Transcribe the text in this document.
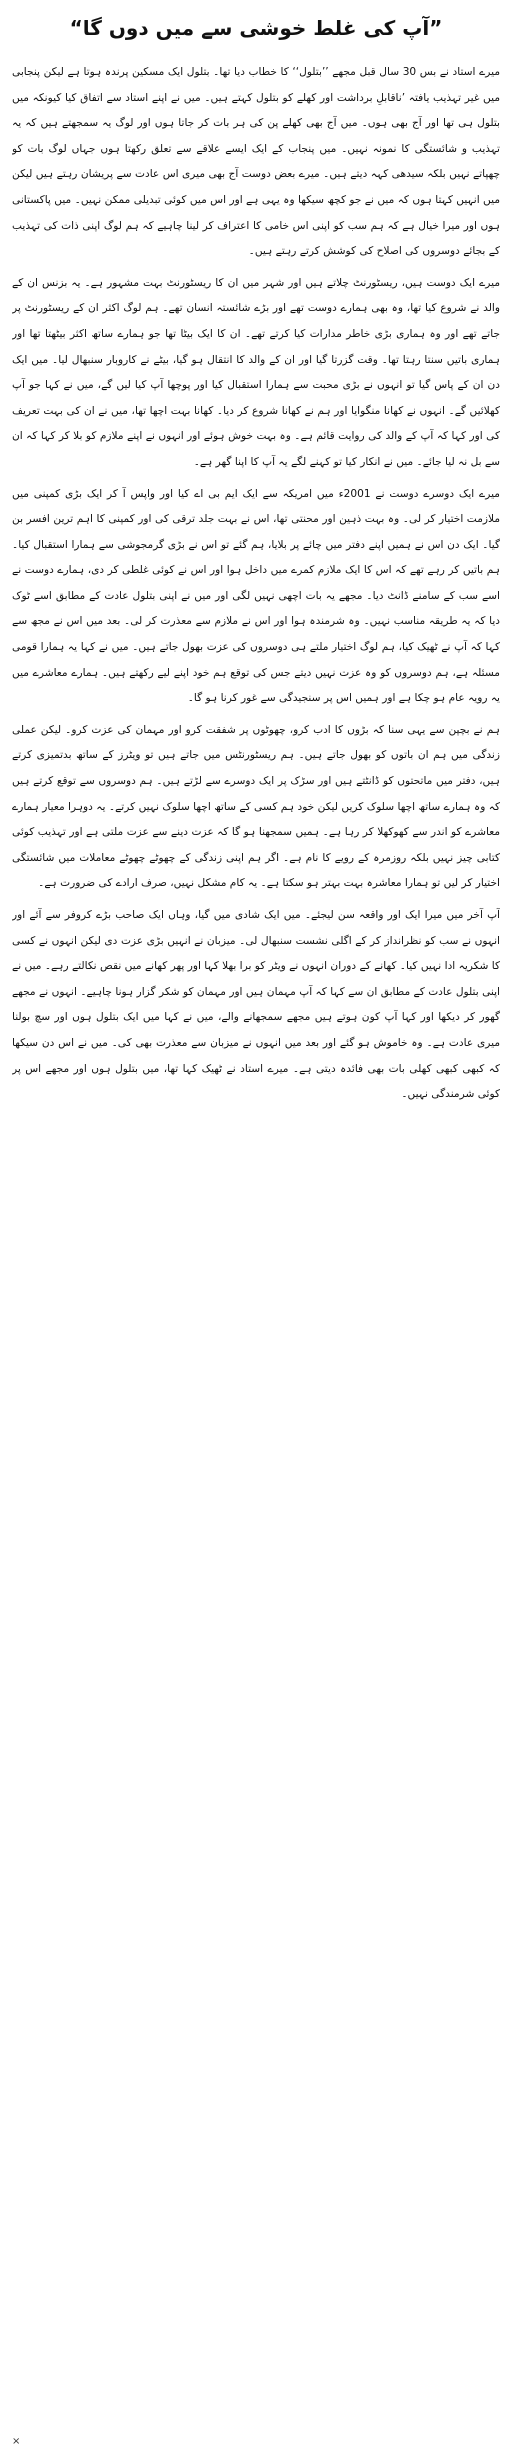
”آپ کی غلط خوشی سے میں دوں گا“

میرے استاد نے بس 30 سال قبل مجھے ’’بتلول‘‘ کا خطاب دیا تھا۔ بتلول ایک مسکین پرندہ ہوتا ہے لیکن پنجابی میں غیر تہذیب یافتہ ’ناقابلِ برداشت اور کھلے کو بتلول کہتے ہیں۔ میں نے اپنے استاد سے اتفاق کیا کیونکہ میں بتلول ہی تھا اور آج بھی ہوں۔ میں آج بھی کھلے پن کی ہر بات کر جاتا ہوں اور لوگ یہ سمجھتے ہیں کہ یہ تہذیب و شائستگی کا نمونہ نہیں۔ میں پنجاب کے ایک ایسے علاقے سے تعلق رکھتا ہوں جہاں لوگ بات کو چھپاتے نہیں بلکہ سیدھی کہہ دیتے ہیں۔ میرے بعض دوست آج بھی میری اس عادت سے پریشان رہتے ہیں لیکن میں انہیں کہتا ہوں کہ میں نے جو کچھ سیکھا وہ یہی ہے اور اس میں کوئی تبدیلی ممکن نہیں۔ میں پاکستانی ہوں اور میرا خیال ہے کہ ہم سب کو اپنی اس خامی کا اعتراف کر لینا چاہیے کہ ہم لوگ اپنی ذات کی تہذیب کے بجائے دوسروں کی اصلاح کی کوشش کرتے رہتے ہیں۔

میرے ایک دوست ہیں، ریسٹورنٹ چلاتے ہیں اور شہر میں ان کا ریسٹورنٹ بہت مشہور ہے۔ یہ بزنس ان کے والد نے شروع کیا تھا، وہ بھی ہمارے دوست تھے اور بڑے شائستہ انسان تھے۔ ہم لوگ اکثر ان کے ریسٹورنٹ پر جاتے تھے اور وہ ہماری بڑی خاطر مدارات کیا کرتے تھے۔ ان کا ایک بیٹا تھا جو ہمارے ساتھ اکثر بیٹھتا تھا اور ہماری باتیں سنتا رہتا تھا۔ وقت گزرتا گیا اور ان کے والد کا انتقال ہو گیا، بیٹے نے کاروبار سنبھال لیا۔ میں ایک دن ان کے پاس گیا تو انہوں نے بڑی محبت سے ہمارا استقبال کیا اور پوچھا آپ کیا لیں گے، میں نے کہا جو آپ کھلائیں گے۔ انہوں نے کھانا منگوایا اور ہم نے کھانا شروع کر دیا۔ کھانا بہت اچھا تھا، میں نے ان کی بہت تعریف کی اور کہا کہ آپ کے والد کی روایت قائم ہے۔ وہ بہت خوش ہوئے اور انہوں نے اپنے ملازم کو بلا کر کہا کہ ان سے بل نہ لیا جائے۔ میں نے انکار کیا تو کہنے لگے یہ آپ کا اپنا گھر ہے۔

میرے ایک دوسرے دوست نے 2001ء میں امریکہ سے ایک ایم بی اے کیا اور واپس آ کر ایک بڑی کمپنی میں ملازمت اختیار کر لی۔ وہ بہت ذہین اور محنتی تھا، اس نے بہت جلد ترقی کی اور کمپنی کا اہم ترین افسر بن گیا۔ ایک دن اس نے ہمیں اپنے دفتر میں چائے پر بلایا، ہم گئے تو اس نے بڑی گرمجوشی سے ہمارا استقبال کیا۔ ہم باتیں کر رہے تھے کہ اس کا ایک ملازم کمرے میں داخل ہوا اور اس نے کوئی غلطی کر دی، ہمارے دوست نے اسے سب کے سامنے ڈانٹ دیا۔ مجھے یہ بات اچھی نہیں لگی اور میں نے اپنی بتلول عادت کے مطابق اسے ٹوک دیا کہ یہ طریقہ مناسب نہیں۔ وہ شرمندہ ہوا اور اس نے ملازم سے معذرت کر لی۔ بعد میں اس نے مجھ سے کہا کہ آپ نے ٹھیک کیا، ہم لوگ اختیار ملتے ہی دوسروں کی عزت بھول جاتے ہیں۔ میں نے کہا یہ ہمارا قومی مسئلہ ہے، ہم دوسروں کو وہ عزت نہیں دیتے جس کی توقع ہم خود اپنے لیے رکھتے ہیں۔ ہمارے معاشرے میں یہ رویہ عام ہو چکا ہے اور ہمیں اس پر سنجیدگی سے غور کرنا ہو گا۔

ہم نے بچپن سے یہی سنا کہ بڑوں کا ادب کرو، چھوٹوں پر شفقت کرو اور مہمان کی عزت کرو۔ لیکن عملی زندگی میں ہم ان باتوں کو بھول جاتے ہیں۔ ہم ریسٹورنٹس میں جاتے ہیں تو ویٹرز کے ساتھ بدتمیزی کرتے ہیں، دفتر میں ماتحتوں کو ڈانٹتے ہیں اور سڑک پر ایک دوسرے سے لڑتے ہیں۔ ہم دوسروں سے توقع کرتے ہیں کہ وہ ہمارے ساتھ اچھا سلوک کریں لیکن خود ہم کسی کے ساتھ اچھا سلوک نہیں کرتے۔ یہ دوہرا معیار ہمارے معاشرے کو اندر سے کھوکھلا کر رہا ہے۔ ہمیں سمجھنا ہو گا کہ عزت دینے سے عزت ملتی ہے اور تہذیب کوئی کتابی چیز نہیں بلکہ روزمرہ کے رویے کا نام ہے۔ اگر ہم اپنی زندگی کے چھوٹے چھوٹے معاملات میں شائستگی اختیار کر لیں تو ہمارا معاشرہ بہت بہتر ہو سکتا ہے۔ یہ کام مشکل نہیں، صرف ارادے کی ضرورت ہے۔

آپ آخر میں میرا ایک اور واقعہ سن لیجئے۔ میں ایک شادی میں گیا، وہاں ایک صاحب بڑے کروفر سے آئے اور انہوں نے سب کو نظرانداز کر کے اگلی نشست سنبھال لی۔ میزبان نے انہیں بڑی عزت دی لیکن انہوں نے کسی کا شکریہ ادا نہیں کیا۔ کھانے کے دوران انہوں نے ویٹر کو برا بھلا کہا اور پھر کھانے میں نقص نکالتے رہے۔ میں نے اپنی بتلول عادت کے مطابق ان سے کہا کہ آپ مہمان ہیں اور مہمان کو شکر گزار ہونا چاہیے۔ انہوں نے مجھے گھور کر دیکھا اور کہا آپ کون ہوتے ہیں مجھے سمجھانے والے، میں نے کہا میں ایک بتلول ہوں اور سچ بولنا میری عادت ہے۔ وہ خاموش ہو گئے اور بعد میں انہوں نے میزبان سے معذرت بھی کی۔ میں نے اس دن سیکھا کہ کبھی کبھی کھلی بات بھی فائدہ دیتی ہے۔ میرے استاد نے ٹھیک کہا تھا، میں بتلول ہوں اور مجھے اس پر کوئی شرمندگی نہیں۔

×
